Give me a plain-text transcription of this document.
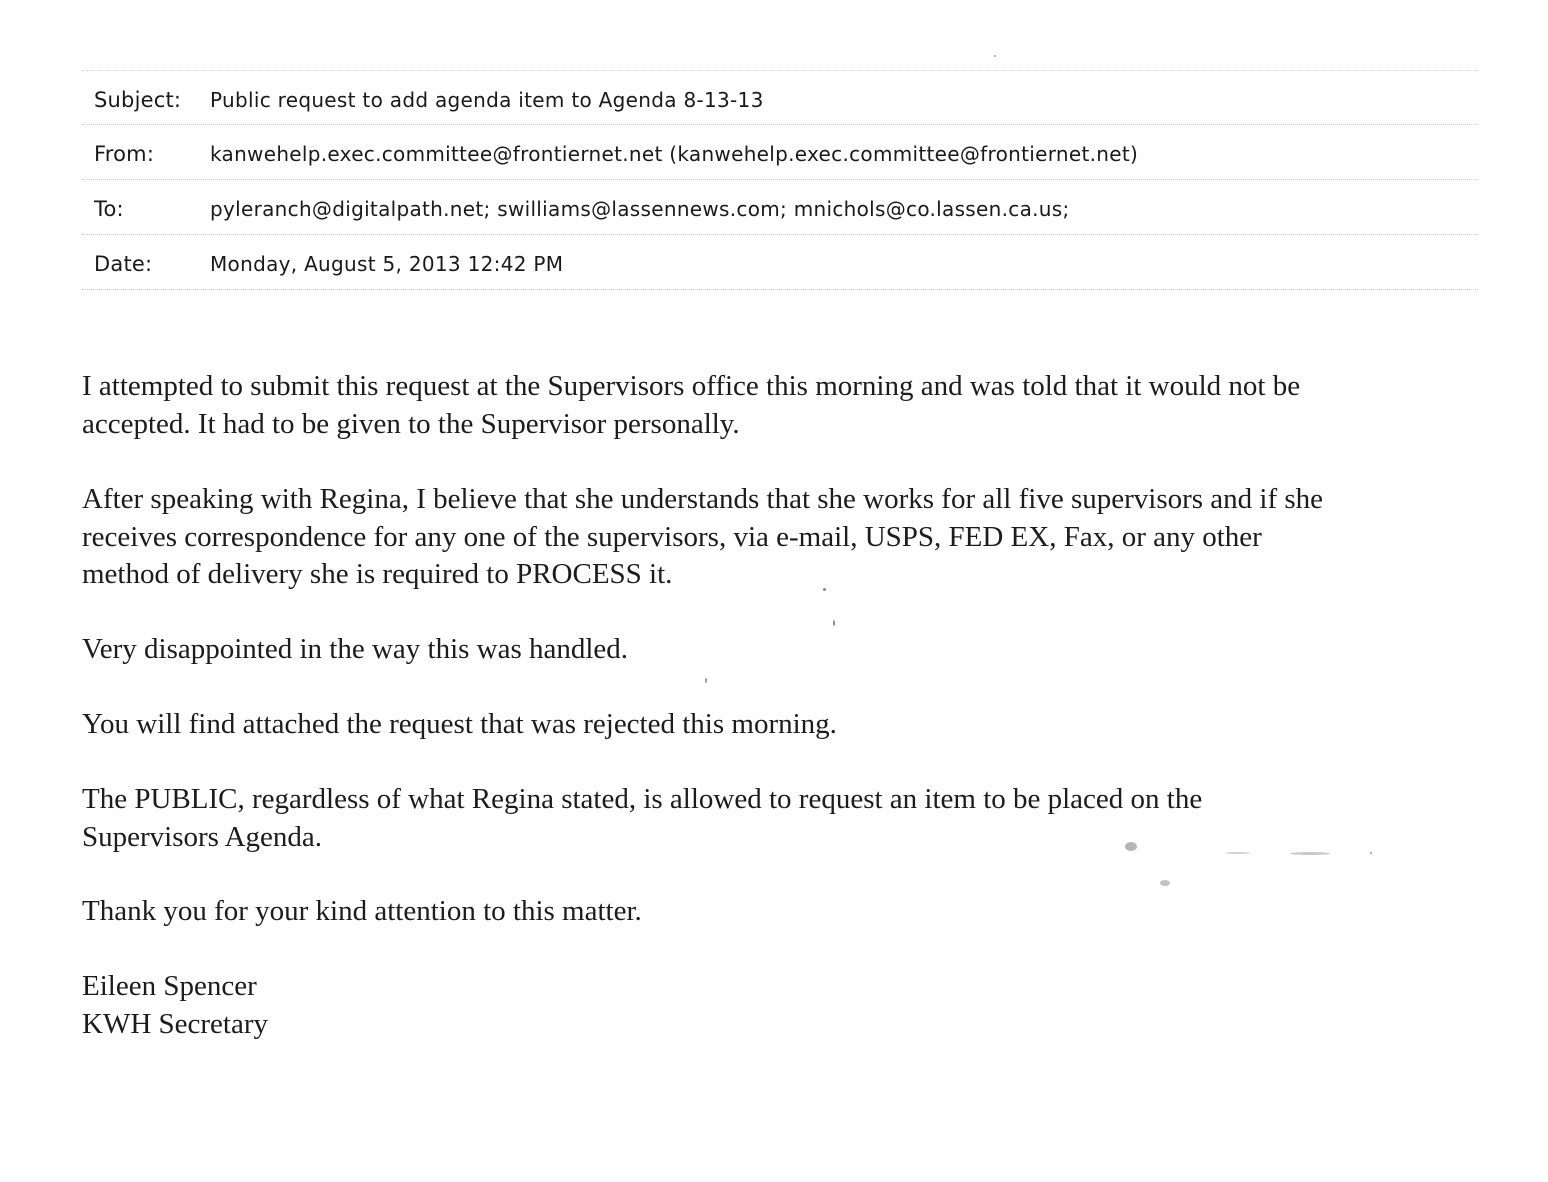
Subject: Public request to add agenda item to Agenda 8-13-13
From:	kanwehelp.exec.committee@frontiernet.net (kanwehelp.exec.committee@frontiernet.net)
To:	pyleranch@digitalpath.net; swilliams@lassennews.com; mnichols@co.lassen.ca.us;
Date:	Monday, August 5, 2013 12:42 PM

I attempted to submit this request at the Supervisors office this morning and was told that it would not be
accepted. It had to be given to the Supervisor personally.

After speaking with Regina, I believe that she understands that she works for all five supervisors and if she
receives correspondence for any one of the supervisors, via e-mail, USPS, FED EX, Fax, or any other
method of delivery she is required to PROCESS it.

Very disappointed in the way this was handled.

You will find attached the request that was rejected this morning.

The PUBLIC, regardless of what Regina stated, is allowed to request an item to be placed on the
Supervisors Agenda.

Thank you for your kind attention to this matter.

Eileen Spencer
KWH Secretary
